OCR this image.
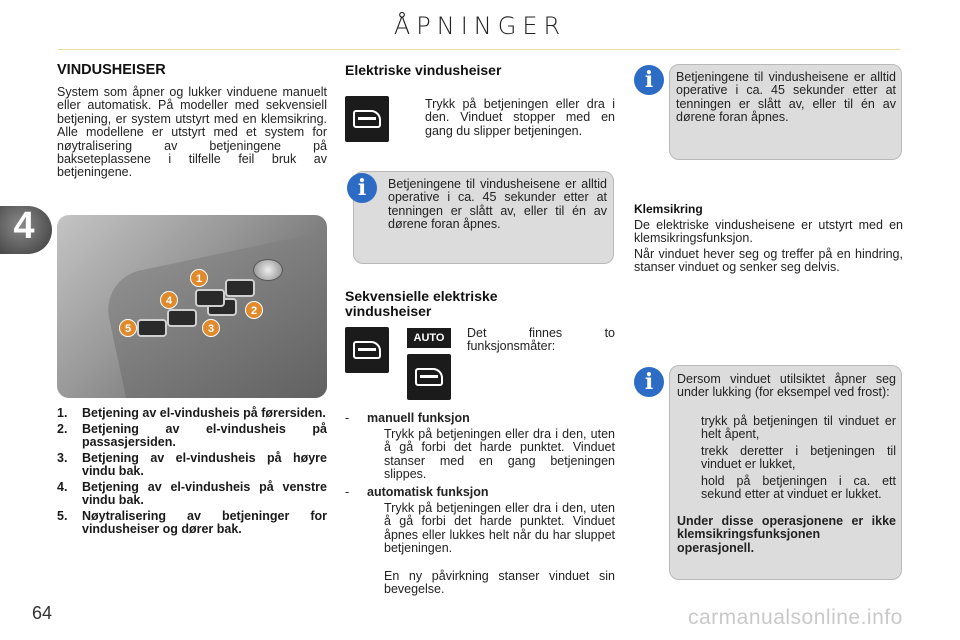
ÅPNINGER
4
VINDUSHEISER
System som åpner og lukker vinduene manuelt eller automatisk. På modeller med sekvensiell betjening, er system utstyrt med en klemsikring. Alle modellene er utstyrt med et system for nøytralisering av betjeningene på bakseteplassene i tilfelle feil bruk av betjeningene.
1
2
3
4
5
1. Betjening av el-vindusheis på førersiden.
2. Betjening av el-vindusheis på passasjersiden.
3. Betjening av el-vindusheis på høyre vindu bak.
4. Betjening av el-vindusheis på venstre vindu bak.
5. Nøytralisering av betjeninger for vindusheiser og dører bak.
Elektriske vindusheiser
Trykk på betjeningen eller dra i den. Vinduet stopper med en gang du slipper betjeningen.
i	Betjeningene til vindusheisene er alltid operative i ca. 45 sekunder etter at tenningen er slått av, eller til én av dørene foran åpnes.
Sekvensielle elektriske vindusheiser
AUTO	Det finnes to funksjonsmåter:
- manuell funksjon
Trykk på betjeningen eller dra i den, uten å gå forbi det harde punktet. Vinduet stanser med en gang betjeningen slippes.
- automatisk funksjon
Trykk på betjeningen eller dra i den, uten å gå forbi det harde punktet. Vinduet åpnes eller lukkes helt når du har sluppet betjeningen.
En ny påvirkning stanser vinduet sin bevegelse.
i	Betjeningene til vindusheisene er alltid operative i ca. 45 sekunder etter at tenningen er slått av, eller til én av dørene foran åpnes.
Klemsikring
De elektriske vindusheisene er utstyrt med en klemsikringsfunksjon.
Når vinduet hever seg og treffer på en hindring, stanser vinduet og senker seg delvis.
i	Dersom vinduet utilsiktet åpner seg under lukking (for eksempel ved frost):
trykk på betjeningen til vinduet er helt åpent,
trekk deretter i betjeningen til vinduet er lukket,
hold på betjeningen i ca. ett sekund etter at vinduet er lukket.
Under disse operasjonene er ikke klemsikringsfunksjonen operasjonell.
64	carmanualsonline.info
